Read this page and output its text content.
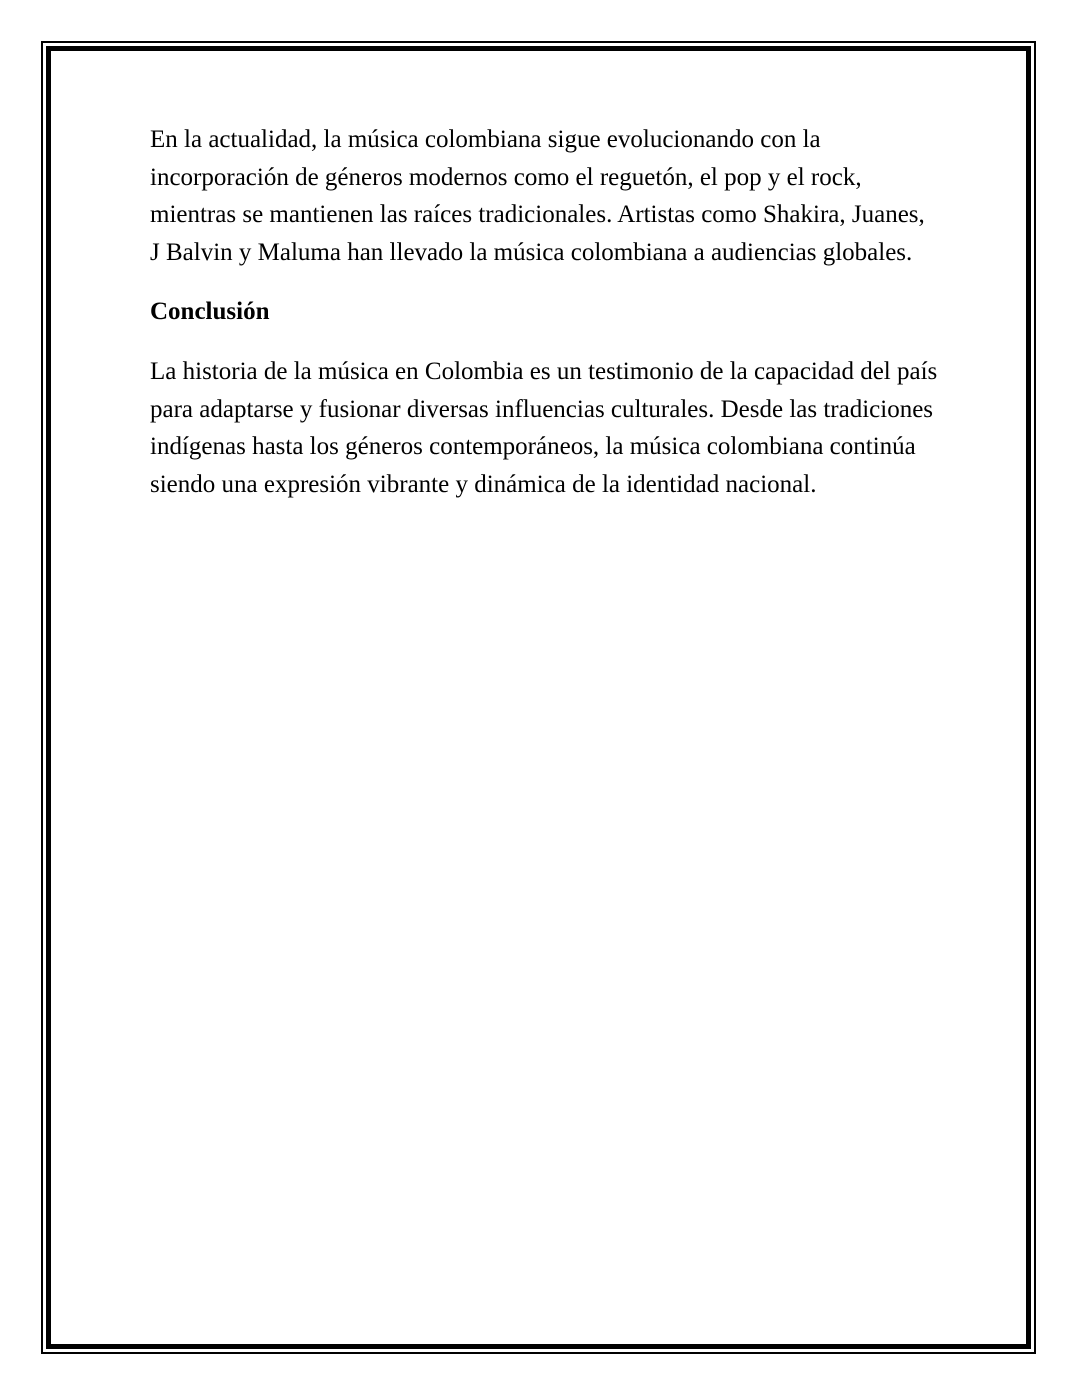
En la actualidad, la música colombiana sigue evolucionando con la incorporación de géneros modernos como el reguetón, el pop y el rock, mientras se mantienen las raíces tradicionales. Artistas como Shakira, Juanes, J Balvin y Maluma han llevado la música colombiana a audiencias globales.

Conclusión

La historia de la música en Colombia es un testimonio de la capacidad del país para adaptarse y fusionar diversas influencias culturales. Desde las tradiciones indígenas hasta los géneros contemporáneos, la música colombiana continúa siendo una expresión vibrante y dinámica de la identidad nacional.
